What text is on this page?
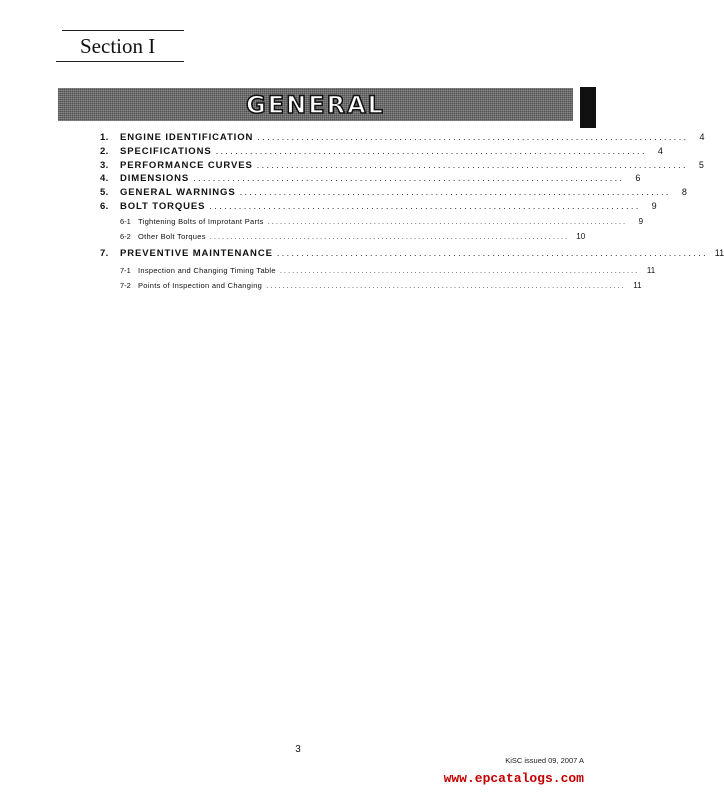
Section I
GENERAL
1.	ENGINE IDENTIFICATION ........................................................................................	4
2.	SPECIFICATIONS ........................................................................................	4
3.	PERFORMANCE CURVES ........................................................................................	5
4.	DIMENSIONS ........................................................................................	6
5.	GENERAL WARNINGS ........................................................................................	8
6.	BOLT TORQUES ........................................................................................	9
6-1 Tightening Bolts of Improtant Parts ........................................................................................	9
6-2 Other Bolt Torques ........................................................................................ 10
7.	PREVENTIVE MAINTENANCE ........................................................................................ 11
7-1 Inspection and Changing Timing Table ........................................................................................ 11
7-2 Points of Inspection and Changing ........................................................................................ 11
3
KiSC issued 09, 2007 A
www.epcatalogs.com
